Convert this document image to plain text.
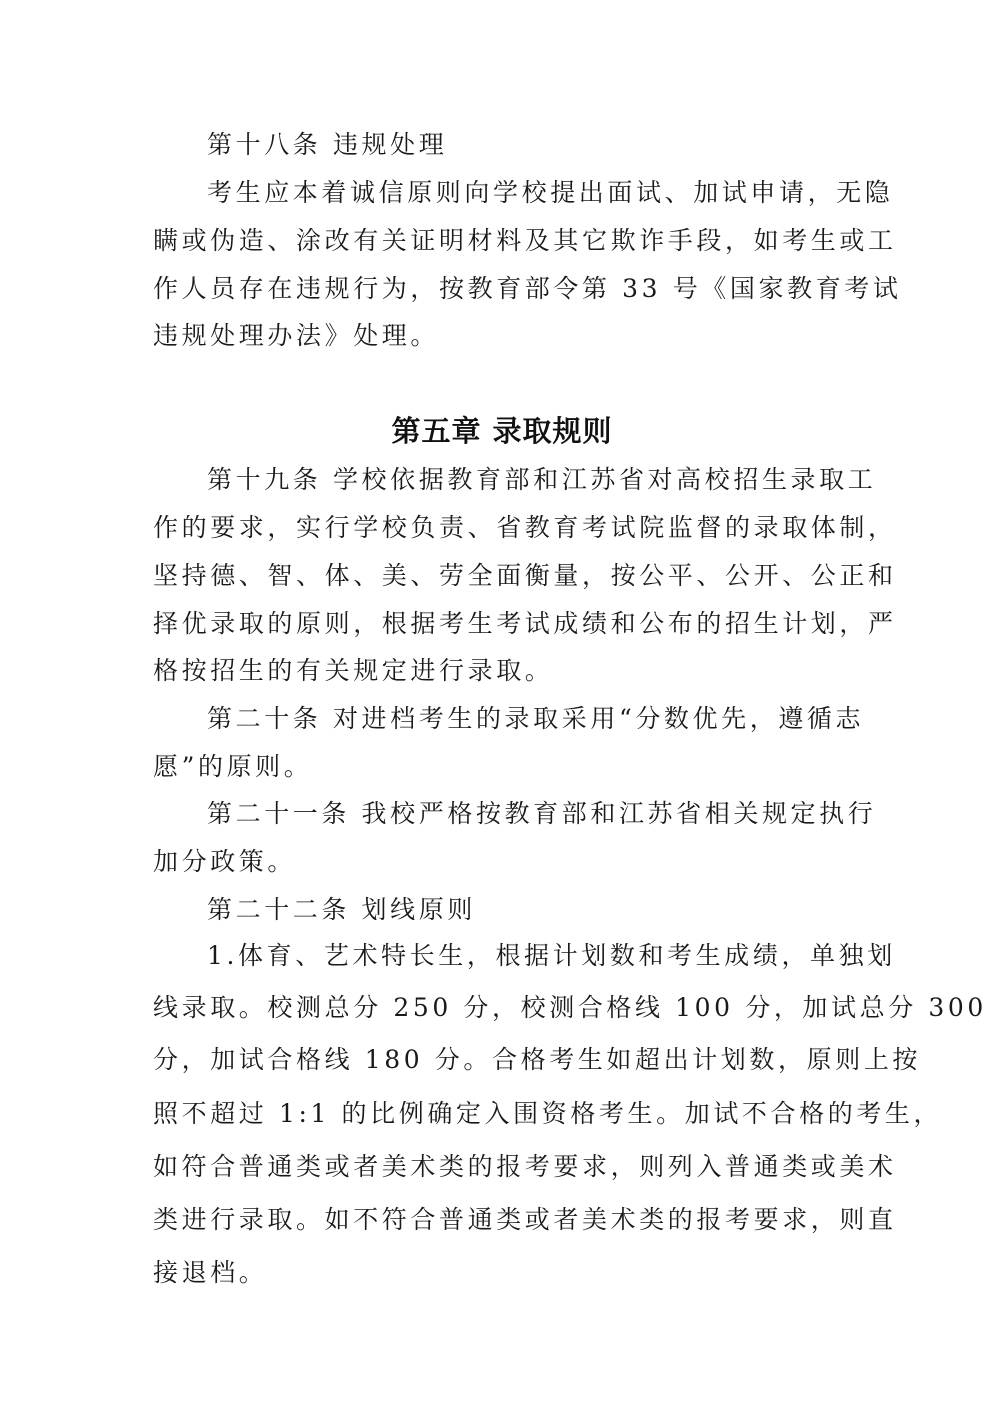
第十八条 违规处理
考生应本着诚信原则向学校提出面试、加试申请，无隐
瞒或伪造、涂改有关证明材料及其它欺诈手段，如考生或工
作人员存在违规行为，按教育部令第 33 号《国家教育考试
违规处理办法》处理。
第五章 录取规则
第十九条 学校依据教育部和江苏省对高校招生录取工
作的要求，实行学校负责、省教育考试院监督的录取体制，
坚持德、智、体、美、劳全面衡量，按公平、公开、公正和
择优录取的原则，根据考生考试成绩和公布的招生计划，严
格按招生的有关规定进行录取。
第二十条 对进档考生的录取采用“分数优先，遵循志
愿”的原则。
第二十一条 我校严格按教育部和江苏省相关规定执行
加分政策。
第二十二条 划线原则
1.体育、艺术特长生，根据计划数和考生成绩，单独划
线录取。校测总分 250 分，校测合格线 100 分，加试总分 300
分，加试合格线 180 分。合格考生如超出计划数，原则上按
照不超过 1:1 的比例确定入围资格考生。加试不合格的考生，
如符合普通类或者美术类的报考要求，则列入普通类或美术
类进行录取。如不符合普通类或者美术类的报考要求，则直
接退档。
